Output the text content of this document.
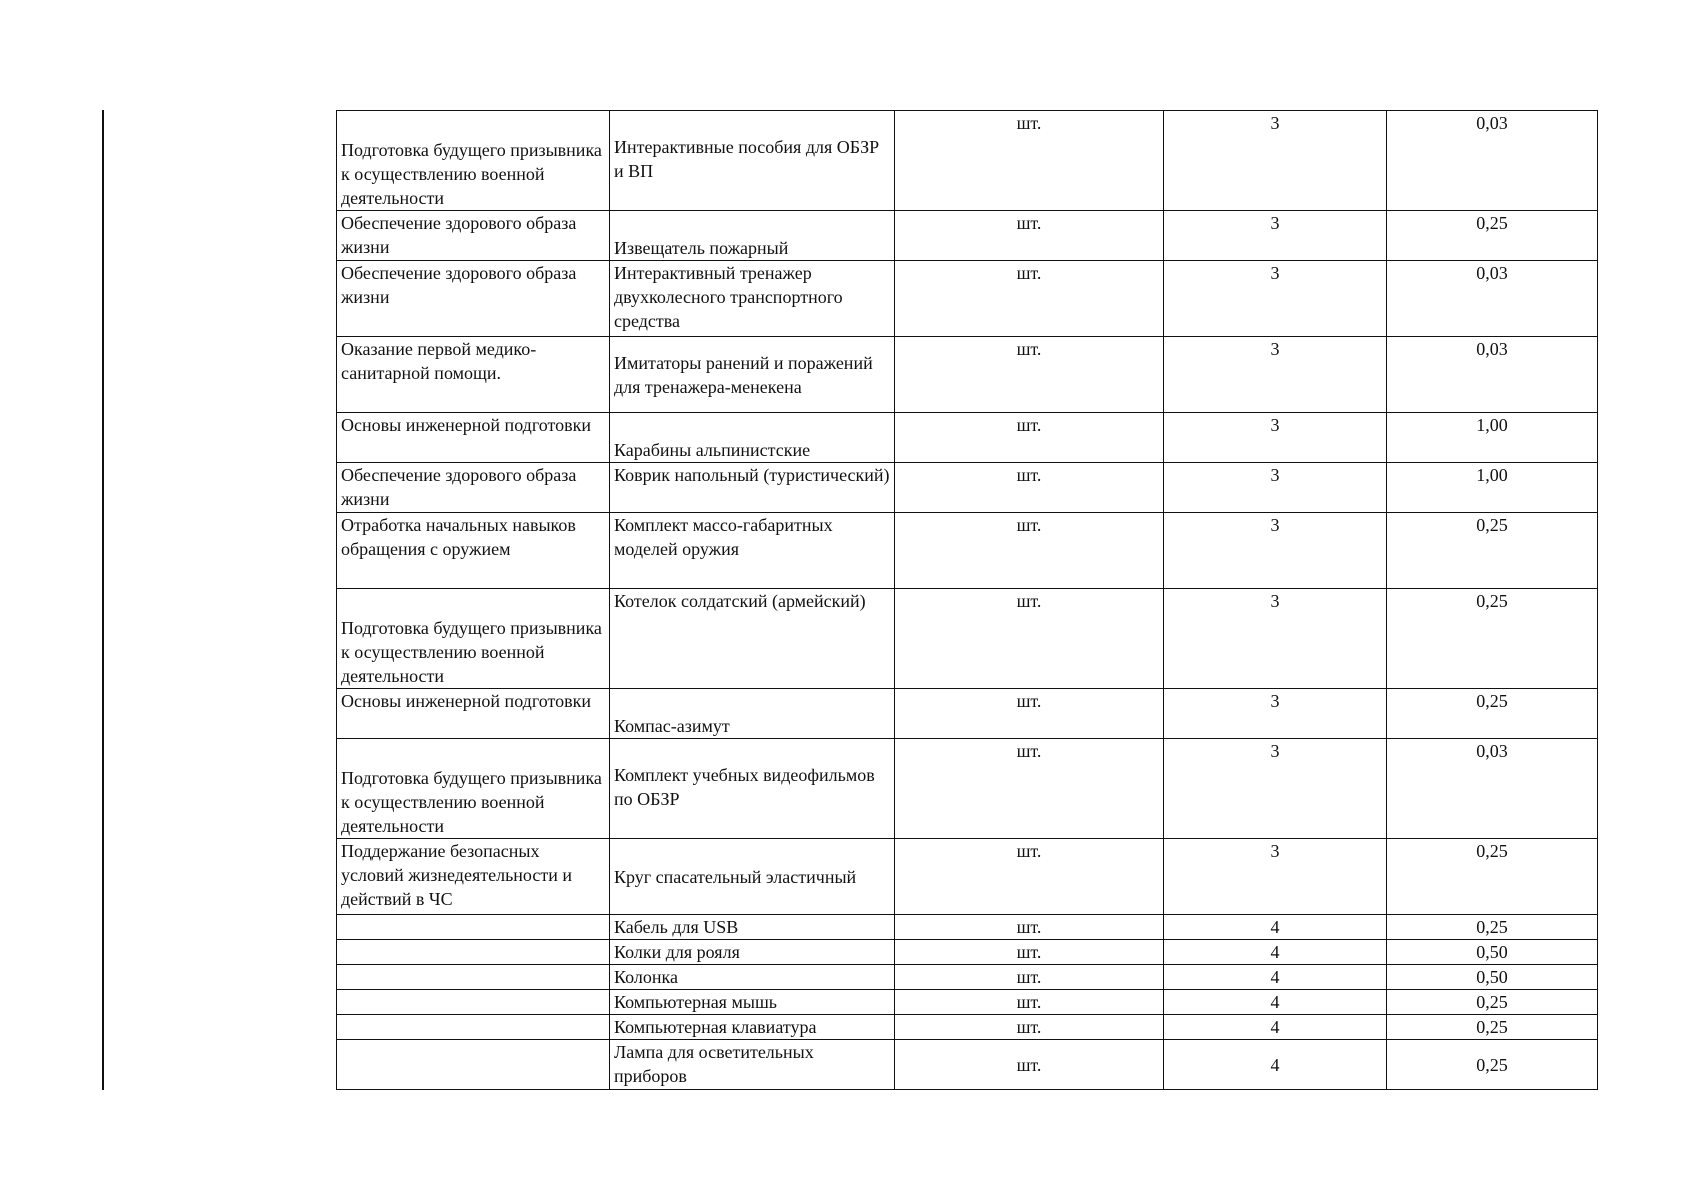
Подготовка будущего призывника к осуществлению военной деятельности	Интерактивные пособия для ОБЗР и ВП	шт.	3	0,03
Обеспечение здорового образа жизни	Извещатель пожарный	шт.	3	0,25
Обеспечение здорового образа жизни	Интерактивный тренажер двухколесного транспортного средства	шт.	3	0,03
Оказание первой медико-санитарной помощи.	Имитаторы ранений и поражений для тренажера-менекена	шт.	3	0,03
Основы инженерной подготовки	Карабины альпинистские	шт.	3	1,00
Обеспечение здорового образа жизни	Коврик напольный (туристический)	шт.	3	1,00
Отработка начальных навыков обращения с оружием	Комплект массо-габаритных моделей оружия	шт.	3	0,25
Подготовка будущего призывника к осуществлению военной деятельности	Котелок солдатский (армейский)	шт.	3	0,25
Основы инженерной подготовки	Компас-азимут	шт.	3	0,25
Подготовка будущего призывника к осуществлению военной деятельности	Комплект учебных видеофильмов по ОБЗР	шт.	3	0,03
Поддержание безопасных условий жизнедеятельности и действий в ЧС	Круг спасательный эластичный	шт.	3	0,25
	Кабель для USB	шт.	4	0,25
	Колки для рояля	шт.	4	0,50
	Колонка	шт.	4	0,50
	Компьютерная мышь	шт.	4	0,25
	Компьютерная клавиатура	шт.	4	0,25
	Лампа для осветительных приборов	шт.	4	0,25
